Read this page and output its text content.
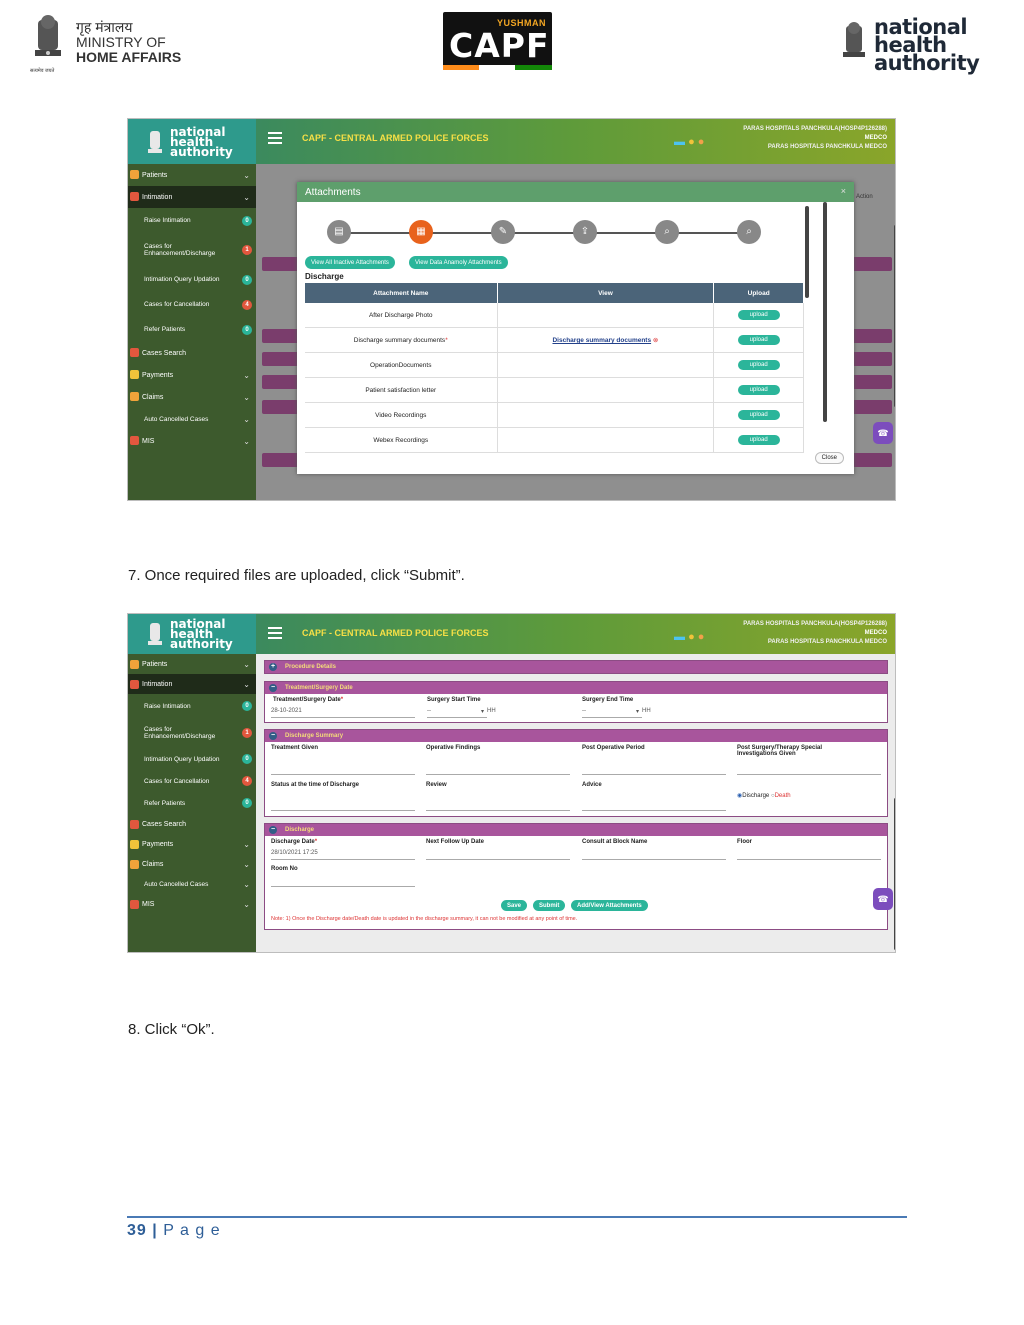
गृह मंत्रालय
MINISTRY OF
HOME AFFAIRS
सत्यमेव जयते
YUSHMAN
CAPF	national
health
authority
national
health
authority
Patients	⌄
Intimation	⌄
Raise Intimation	0
Cases for Enhancement/Discharge	1
Intimation Query Updation	0
Cases for Cancellation	4
Refer Patients	0
Cases Search
Payments	⌄
Claims	⌄
Auto Cancelled Cases	⌄
MIS	⌄
CAPF - CENTRAL ARMED POLICE FORCES	▬ ● ●
PARAS HOSPITALS PANCHKULA(HOSP4P126288)
MEDCO
PARAS HOSPITALS PANCHKULA MEDCO
Action
Attachments	×
▤	▦	✎	⇪	⌕	⌕
View All Inactive Attachments	View Data Anamoly Attachments
Discharge
Attachment Name	View	Upload
After Discharge Photo		upload
Discharge summary documents*	Discharge summary documents ⊗	upload
OperationDocuments		upload
Patient satisfaction letter		upload
Video Recordings		upload
Webex Recordings		upload
Close
☎
7. Once required files are uploaded, click “Submit”.
national
health
authority
Patients	⌄
Intimation	⌄
Raise Intimation	0
Cases for Enhancement/Discharge	1
Intimation Query Updation	0
Cases for Cancellation	4
Refer Patients	0
Cases Search
Payments	⌄
Claims	⌄
Auto Cancelled Cases	⌄
MIS	⌄
CAPF - CENTRAL ARMED POLICE FORCES	▬ ● ●
PARAS HOSPITALS PANCHKULA(HOSP4P126288)
MEDCO
PARAS HOSPITALS PANCHKULA MEDCO
+	Procedure Details
−	Treatment/Surgery Date
Treatment/Surgery Date*
28-10-2021
Surgery Start Time
--	▾ HH
Surgery End Time
--	▾ HH
−	Discharge Summary
Treatment Given	Operative Findings	Post Operative Period	Post Surgery/Therapy Special Investigations Given
Status at the time of Discharge	Review	Advice
◉Discharge ○Death
−	Discharge
Discharge Date*
28/10/2021 17:25
Next Follow Up Date	Consult at Block Name	Floor
Room No
Save	Submit	Add/View Attachments
Note: 1) Once the Discharge date/Death date is updated in the discharge summary, it can not be modified at any point of time.
☎
8. Click “Ok”.
39 | P a g e
